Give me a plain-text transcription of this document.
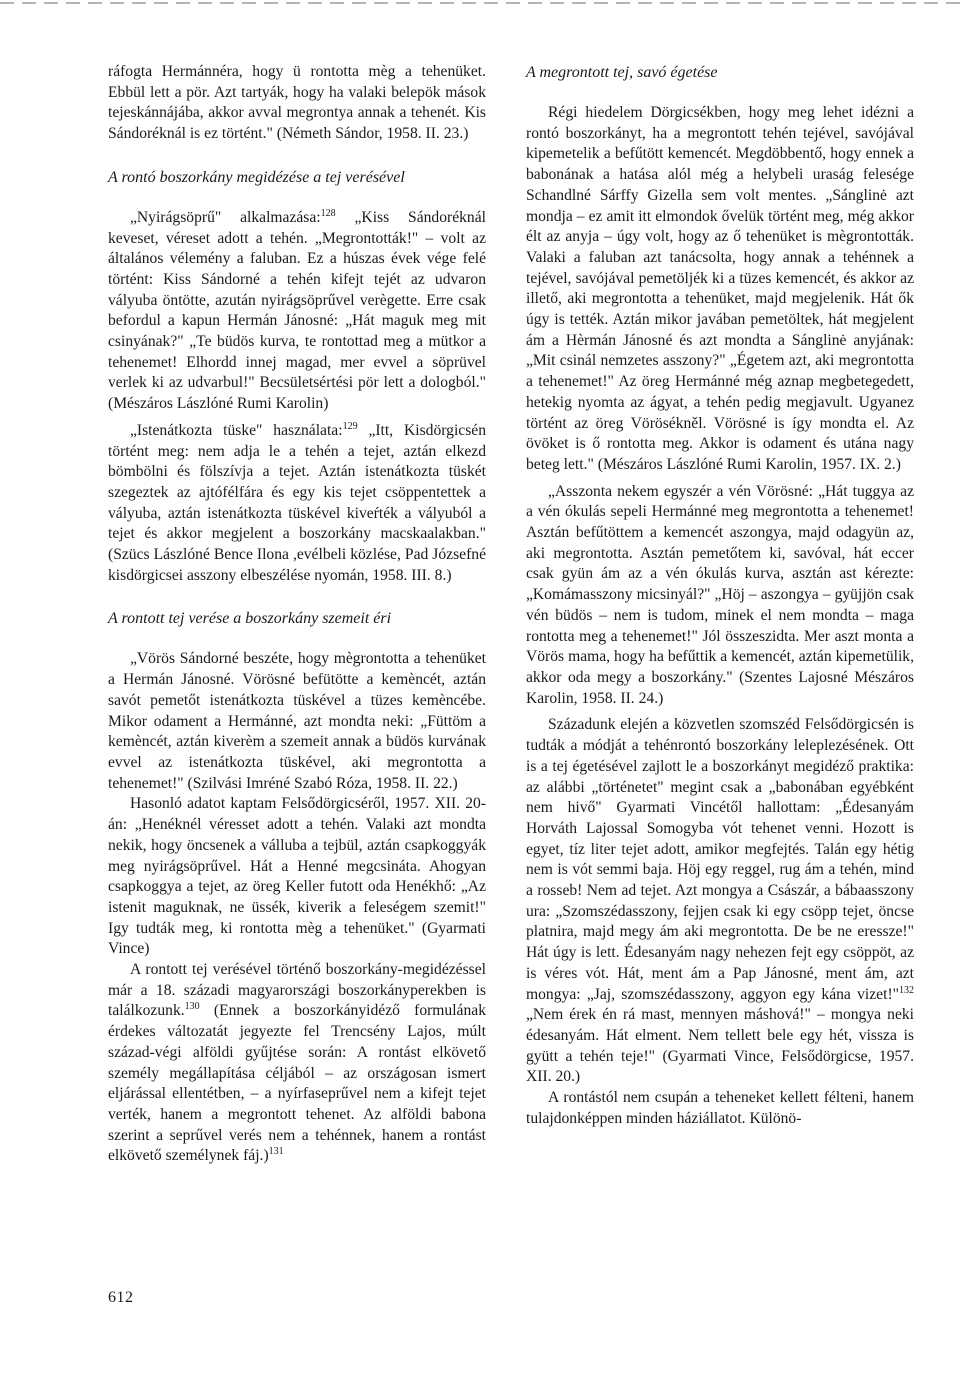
ráfogta Hermánnéra, hogy ü rontotta mèg a tehenüket. Ebbül lett a pör. Azt tartyák, hogy ha valaki belepök mások tejeskánnájába, akkor avval megrontya annak a tehenét. Kis Sándoréknál is ez történt." (Németh Sándor, 1958. II. 23.)

A rontó boszorkány megidézése a tej verésével

„Nyirágsöprű" alkalmazása:$^{128}$ „Kiss Sándoréknál keveset, véreset adott a tehén. „Megrontották!" – volt az általános vélemény a faluban. Ez a húszas évek vége felé történt: Kiss Sándorné a tehén kifejt tejét az udvaron vályuba öntötte, azután nyirágsöprűvel verègette. Erre csak befordul a kapun Hermán Jánosné: „Hát maguk meg mit csinyának?" „Te büdös kurva, te rontottad meg a mütkor a tehenemet! Elhordd innej magad, mer evvel a söprüvel verlek ki az udvarbul!" Becsületsértési pör lett a dologból." (Mészáros Lászlóné Rumi Karolin)

„Istenátkozta tüske" használata:$^{129}$ „Itt, Kisdörgicsén történt meg: nem adja le a tehén a tejet, aztán elkezd bömbölni és fölszívja a tejet. Aztán istenátkozta tüskét szegeztek az ajtófélfára és egy kis tejet csöppentettek a vályuba, aztán istenátkozta tüskével kiveŕték a vályuból a tejet és akkor megjelent a boszorkány macskaalakban." (Szücs Lászlóné Bence Ilona ,evélbeli közlése, Pad Józsefné kisdörgicsei asszony elbeszélése nyomán, 1958. III. 8.)

A rontott tej verése a boszorkány szemeit éri

„Vörös Sándorné beszéte, hogy mègrontotta a tehenüket a Hermán Jánosné. Vörösné befütötte a kemèncét, aztán savót pemetőt istenátkozta tüskével a tüzes kemèncébe. Mikor odament a Hermánné, azt mondta neki: „Füttöm a kemèncét, aztán kiverèm a szemeit annak a büdös kurvának evvel az istenátkozta tüskével, aki megrontotta a tehenemet!" (Szilvási Imréné Szabó Róza, 1958. II. 22.)

Hasonló adatot kaptam Felsődörgicséről, 1957. XII. 20-án: „Henéknél véresset adott a tehén. Valaki azt mondta nekik, hogy öncsenek a válluba a tejbül, aztán csapkoggyák meg nyirágsöprűvel. Hát a Henné megcsináta. Ahogyan csapkoggya a tejet, az öreg Keller futott oda Henékhő: „Az istenit maguknak, ne üssék, kiverik a feleségem szemit!" Igy tudták meg, ki rontotta mèg a tehenüket." (Gyarmati Vince)

A rontott tej verésével történő boszorkány-megidézéssel már a 18. századi magyarországi boszorkányperekben is találkozunk.$^{130}$ (Ennek a boszorkányidéző formulának érdekes változatát jegyezte fel Trencsény Lajos, múlt század-végi alföldi gyűjtése során: A rontást elkövető személy megállapítása céljából – az országosan ismert eljárással ellentétben, – a nyírfaseprűvel nem a kifejt tejet verték, hanem a megrontott tehenet. Az alföldi babona szerint a seprűvel verés nem a tehénnek, hanem a rontást elkövető személynek fáj.)$^{131}$

A megrontott tej, savó égetése

Régi hiedelem Dörgicsékben, hogy meg lehet idézni a rontó boszorkányt, ha a megrontott tehén tejével, savójával kipemetelik a befűtött kemencét. Megdöbbentő, hogy ennek a babonának a hatása alól még a helybeli uraság felesége Schandlné Sárffy Gizella sem volt mentes. „Sánglinė azt mondja – ez amit itt elmondok ővelük történt meg, még akkor élt az anyja – úgy volt, hogy az ő tehenüket is mègrontották. Valaki a faluban azt tanácsolta, hogy annak a tehénnek a tejével, savójával pemetöljék ki a tüzes kemencét, és akkor az illető, aki megrontotta a tehenüket, majd megjelenik. Hát ők úgy is tették. Aztán mikor javában pemetöltek, hát megjelent ám a Hèrmán Jánosné és azt mondta a Sánglinė anyjának: „Mit csinál nemzetes asszony?" „Égetem azt, aki megrontotta a tehenemet!" Az öreg Hermánné még aznap megbetegedett, hetekig nyomta az ágyat, a tehén pedig megjavult. Ugyanez történt az öreg Vörösékněl. Vörösné is így mondta el. Az övöket is ő rontotta meg. Akkor is odament és utána nagy beteg lett." (Mészáros Lászlóné Rumi Karolin, 1957. IX. 2.)

„Asszonta nekem egyszér a vén Vörösné: „Hát tuggya az a vén ókulás sepeli Hermánné meg megrontotta a tehenemet! Asztán befűtöttem a kemencét aszongya, majd odagyün az, aki megrontotta. Asztán pemetőtem ki, savóval, hát eccer csak gyün ám az a vén ókulás kurva, asztán ast kérezte: „Komámasszony micsinyál?" „Höj – aszongya – gyüjjön csak vén büdös – nem is tudom, minek el nem mondta – maga rontotta meg a tehenemet!" Jól összeszidta. Mer aszt monta a Vörös mama, hogy ha befűttik a kemencét, aztán kipemetülik, akkor oda megy a boszorkány." (Szentes Lajosné Mészáros Karolin, 1958. II. 24.)

Századunk elején a közvetlen szomszéd Felsődörgicsén is tudták a módját a tehénrontó boszorkány leleplezésének. Ott is a tej égetésével zajlott le a boszorkányt megidéző praktika: az alábbi „történetet" megint csak a „babonában egyébként nem hivő" Gyarmati Vincétől hallottam: „Édesanyám Horváth Lajossal Somogyba vót tehenet venni. Hozott is egyet, tíz liter tejet adott, amikor megfejtés. Talán egy hétig nem is vót semmi baja. Höj egy reggel, rug ám a tehén, mind a rosseb! Nem ad tejet. Azt mongya a Császár, a bábaasszony ura: „Szomszédasszony, fejjen csak ki egy csöpp tejet, öncse platnira, majd megy ám aki megrontotta. De be ne eressze!" Hát úgy is lett. Édesanyám nagy nehezen fejt egy csöppöt, az is véres vót. Hát, ment ám a Pap Jánosné, ment ám, azt mongya: „Jaj, szomszédasszony, aggyon egy kána vizet!"$^{132}$ „Nem érek én rá mast, mennyen máshová!" – mongya neki édesanyám. Hát elment. Nem tellett bele egy hét, vissza is gyütt a tehén teje!" (Gyarmati Vince, Felsődörgicse, 1957. XII. 20.)

A rontástól nem csupán a teheneket kellett félteni, hanem tulajdonképpen minden háziállatot. Különö-

612
